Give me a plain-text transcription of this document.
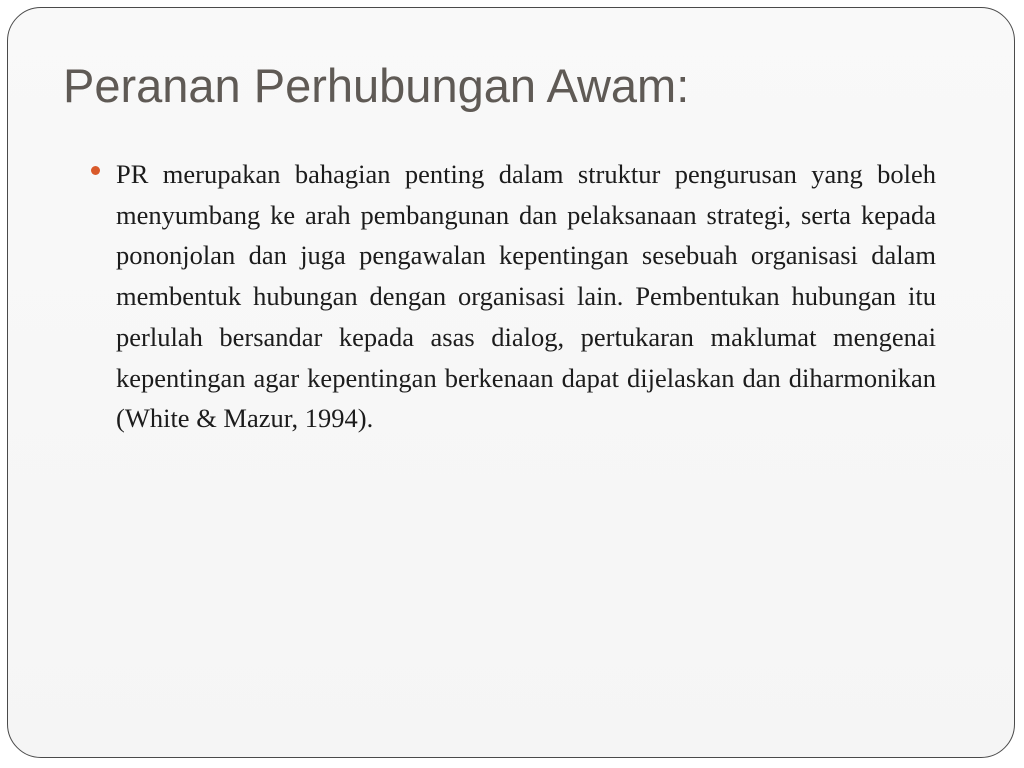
Peranan Perhubungan Awam:

PR merupakan bahagian penting dalam struktur pengurusan yang boleh menyumbang ke arah pembangunan dan pelaksanaan strategi, serta kepada pononjolan dan juga pengawalan kepentingan sesebuah organisasi dalam membentuk hubungan dengan organisasi lain. Pembentukan hubungan itu perlulah bersandar kepada asas dialog, pertukaran maklumat mengenai kepentingan agar kepentingan berkenaan dapat dijelaskan dan diharmonikan (White & Mazur, 1994).
